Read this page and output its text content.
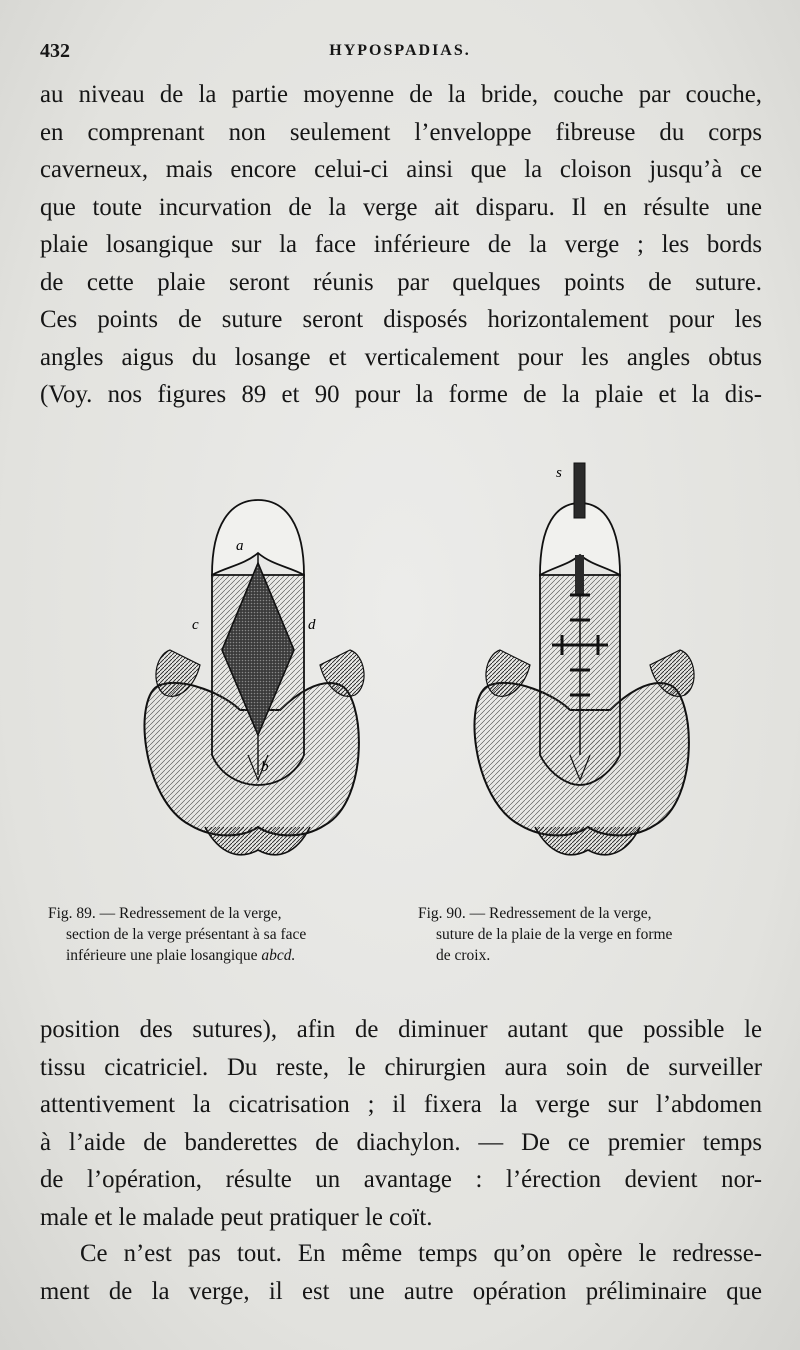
432	HYPOSPADIAS.
au niveau de la partie moyenne de la bride, couche par couche,
en comprenant non seulement l’enveloppe fibreuse du corps
caverneux, mais encore celui-ci ainsi que la cloison jusqu’à ce
que toute incurvation de la verge ait disparu. Il en résulte une
plaie losangique sur la face inférieure de la verge ; les bords
de cette plaie seront réunis par quelques points de suture.
Ces points de suture seront disposés horizontalement pour les
angles aigus du losange et verticalement pour les angles obtus
(Voy. nos figures 89 et 90 pour la forme de la plaie et la dis-
a
b
c	d
s
Fig. 89. — Redressement de la verge,
section de la verge présentant à sa face
inférieure une plaie losangique abcd.
Fig. 90. — Redressement de la verge,
suture de la plaie de la verge en forme
de croix.
position des sutures), afin de diminuer autant que possible le
tissu cicatriciel. Du reste, le chirurgien aura soin de surveiller
attentivement la cicatrisation ; il fixera la verge sur l’abdomen
à l’aide de banderettes de diachylon. — De ce premier temps
de l’opération, résulte un avantage : l’érection devient nor-
male et le malade peut pratiquer le coït.
Ce n’est pas tout. En même temps qu’on opère le redresse-
ment de la verge, il est une autre opération préliminaire que
